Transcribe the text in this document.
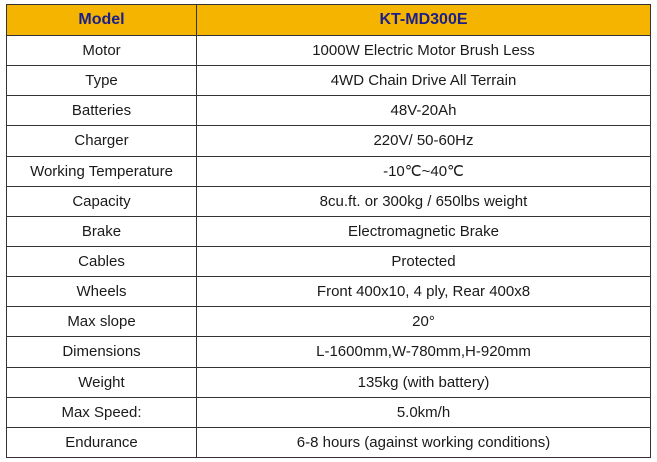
Model	KT-MD300E
Motor	1000W Electric Motor Brush Less
Type	4WD Chain Drive All Terrain
Batteries	48V-20Ah
Charger	220V/ 50-60Hz
Working Temperature	-10℃~40℃
Capacity	8cu.ft. or 300kg / 650lbs weight
Brake	Electromagnetic Brake
Cables	Protected
Wheels	Front 400x10, 4 ply, Rear 400x8
Max slope	20°
Dimensions	L-1600mm,W-780mm,H-920mm
Weight	135kg (with battery)
Max Speed:	5.0km/h
Endurance	6-8 hours (against working conditions)
